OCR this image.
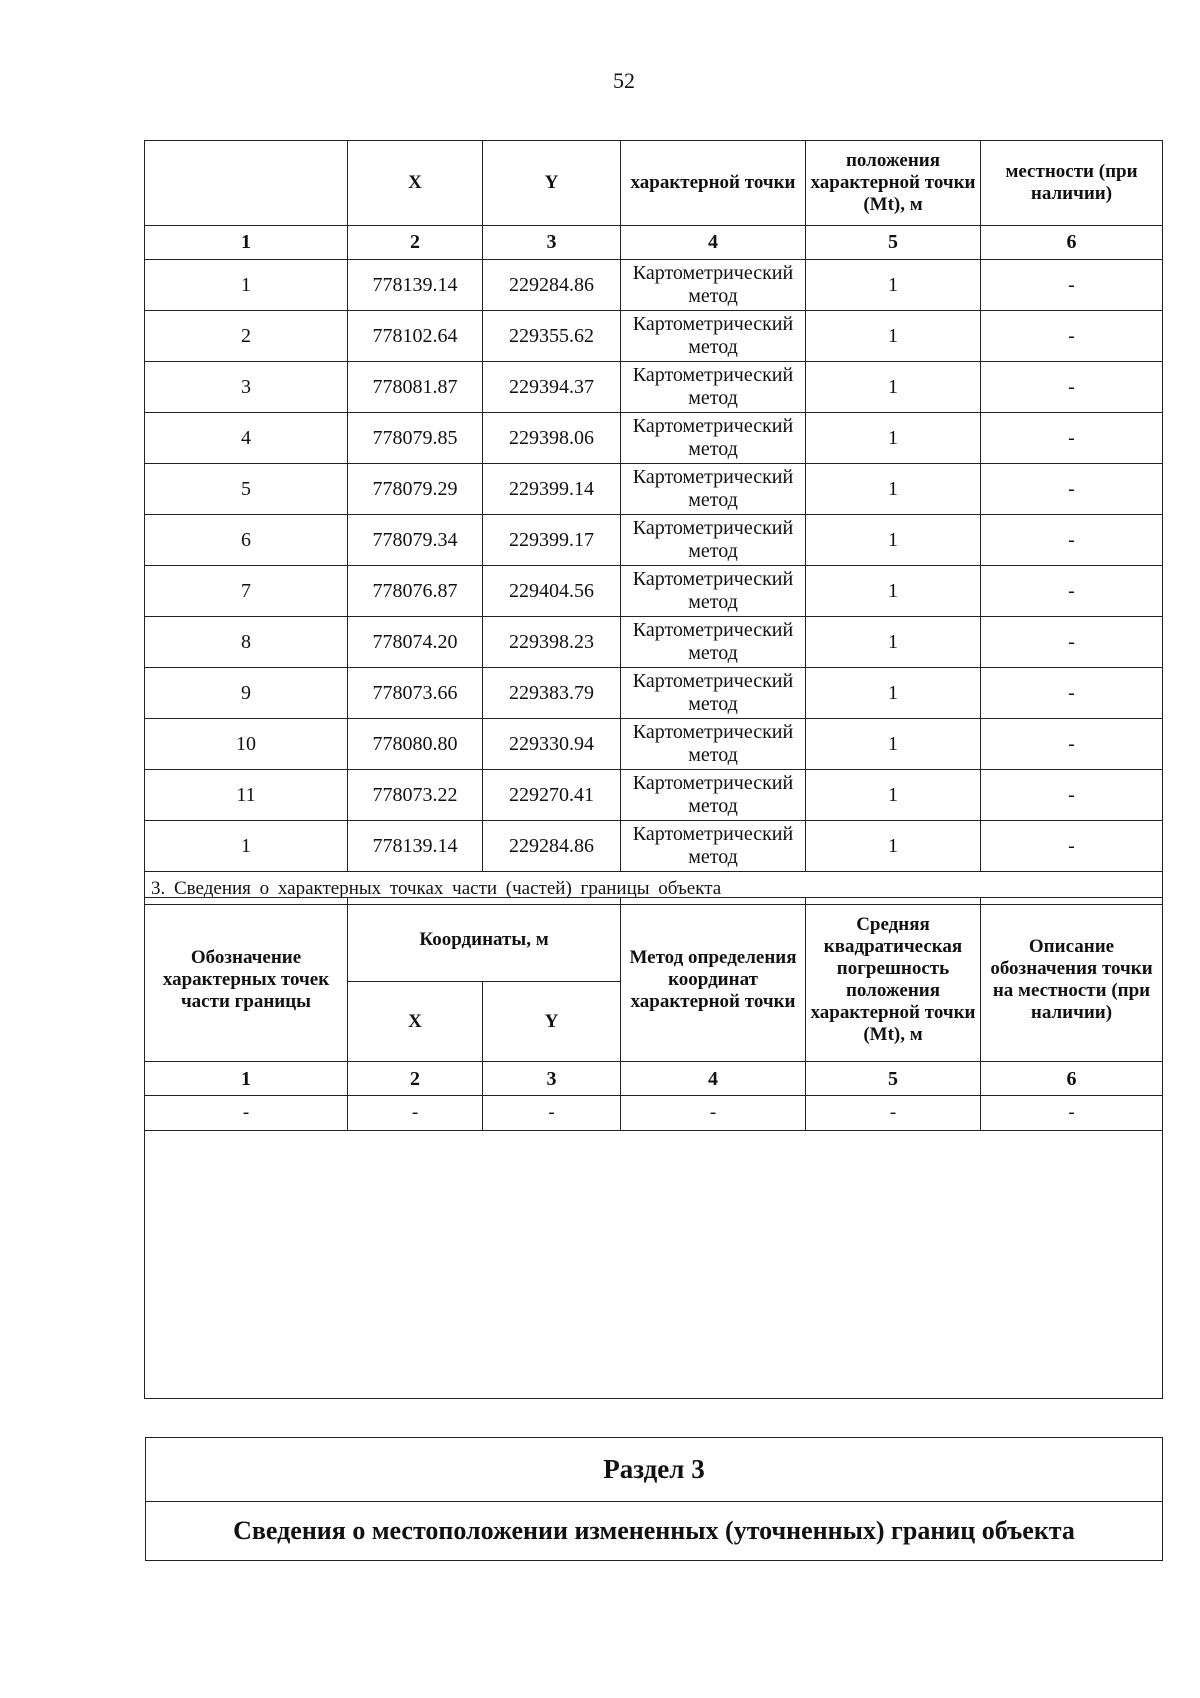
52
	X	Y	характерной точки	положения характерной точки (Mt), м	местности (при наличии)
1	2	3	4	5	6
1	778139.14	229284.86	Картометрический метод	1	-
2	778102.64	229355.62	Картометрический метод	1	-
3	778081.87	229394.37	Картометрический метод	1	-
4	778079.85	229398.06	Картометрический метод	1	-
5	778079.29	229399.14	Картометрический метод	1	-
6	778079.34	229399.17	Картометрический метод	1	-
7	778076.87	229404.56	Картометрический метод	1	-
8	778074.20	229398.23	Картометрический метод	1	-
9	778073.66	229383.79	Картометрический метод	1	-
10	778080.80	229330.94	Картометрический метод	1	-
11	778073.22	229270.41	Картометрический метод	1	-
1	778139.14	229284.86	Картометрический метод	1	-
3. Сведения о характерных точках части (частей) границы объекта					
Обозначение характерных точек части границы	Координаты, м		Метод определения координат характерной точки	Средняя квадратическая погрешность положения характерной точки (Mt), м	Описание обозначения точки на местности (при наличии)
	X	Y			
1	2	3	4	5	6
-	-	-	-	-	-
Раздел 3
Сведения о местоположении измененных (уточненных) границ объекта
